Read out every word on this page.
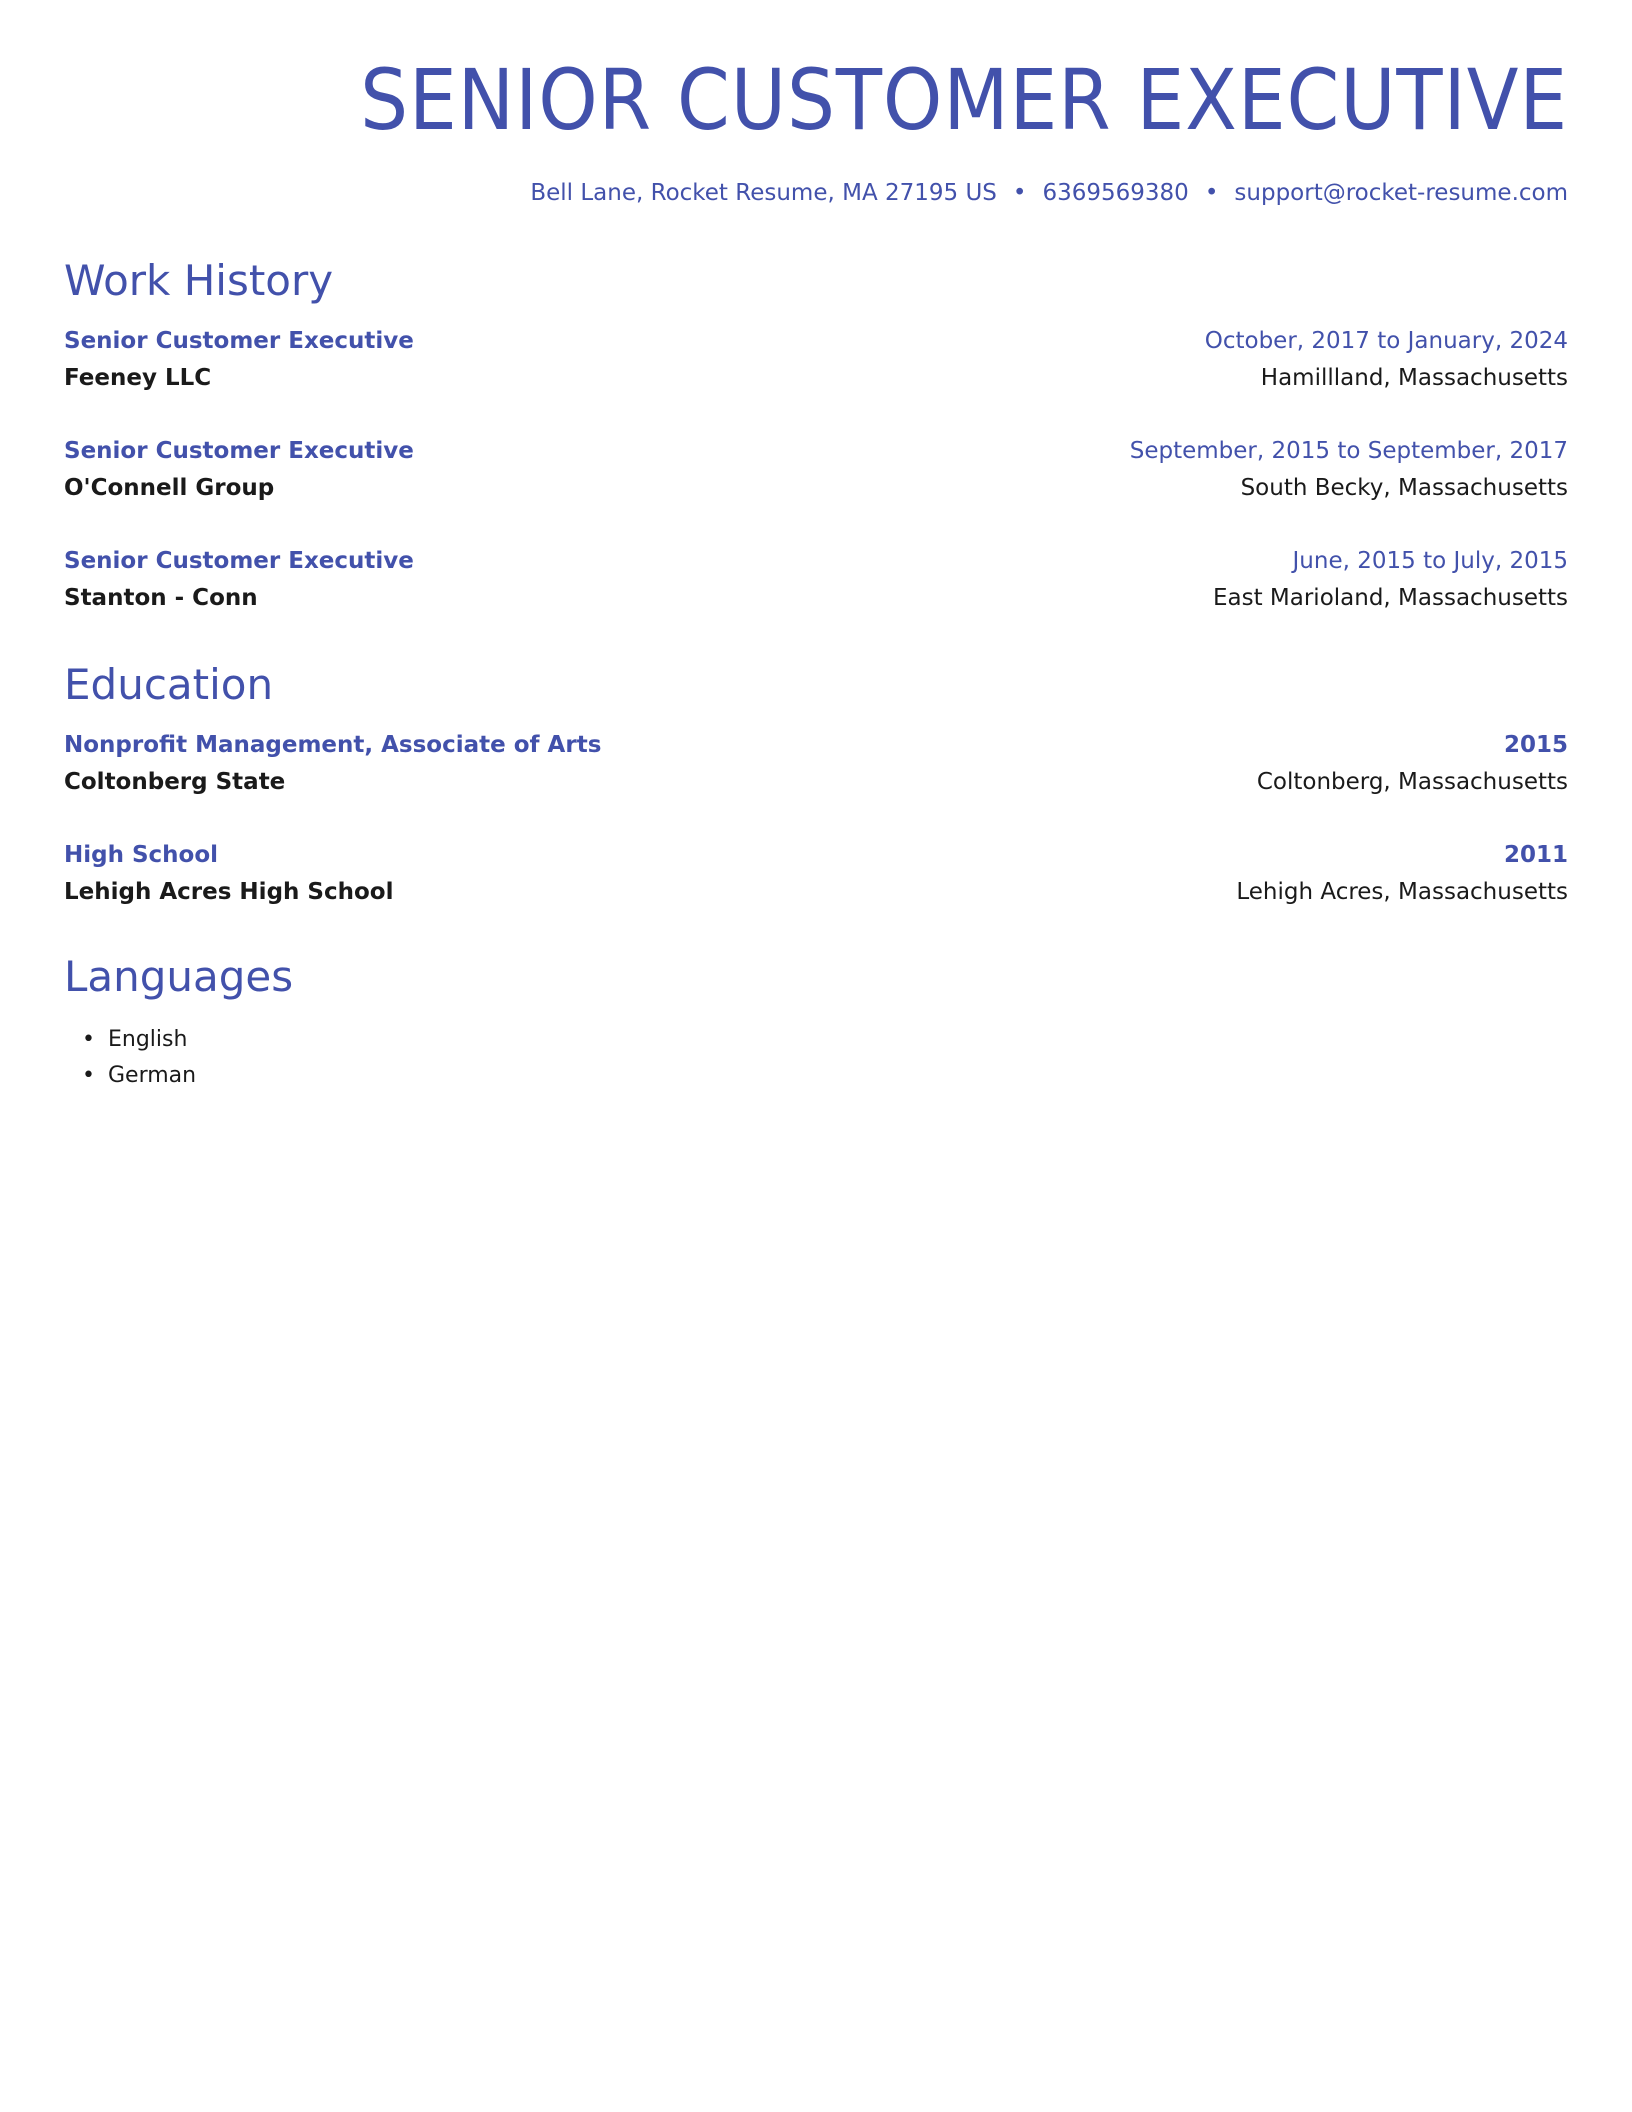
SENIOR CUSTOMER EXECUTIVE
Bell Lane, Rocket Resume, MA 27195 US • 6369569380 • support@rocket-resume.com
Work History
Senior Customer Executive	October, 2017 to January, 2024
Feeney LLC	Hamillland, Massachusetts
Senior Customer Executive	September, 2015 to September, 2017
O'Connell Group	South Becky, Massachusetts
Senior Customer Executive	June, 2015 to July, 2015
Stanton - Conn	East Marioland, Massachusetts
Education
Nonprofit Management, Associate of Arts	2015
Coltonberg State	Coltonberg, Massachusetts
High School	2011
Lehigh Acres High School	Lehigh Acres, Massachusetts
Languages
• English
• German
